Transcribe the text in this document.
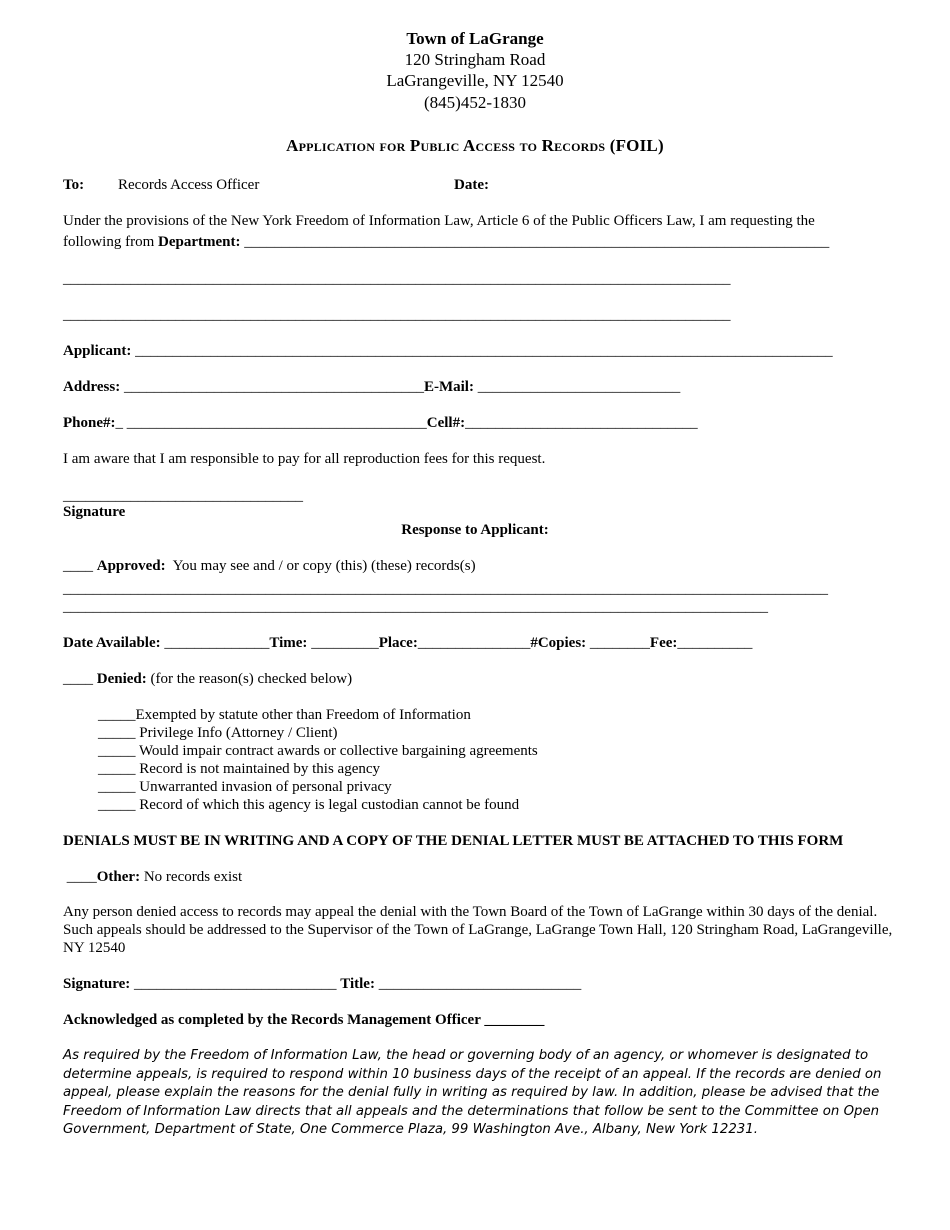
Town of LaGrange
120 Stringham Road
LaGrangeville, NY 12540
(845)452-1830
Application for Public Access to Records (FOIL)
To: Records Access Officer	Date:
Under the provisions of the New York Freedom of Information Law, Article 6 of the Public Officers Law, I am requesting the
following from Department: ______________________________________________________________________________
_________________________________________________________________________________________
_________________________________________________________________________________________
Applicant: _____________________________________________________________________________________________
Address: ________________________________________E-Mail: ___________________________
Phone#:_ ________________________________________Cell#:_______________________________
I am aware that I am responsible to pay for all reproduction fees for this request.
________________________________
Signature
Response to Applicant:
____ Approved:  You may see and / or copy (this) (these) records(s)
______________________________________________________________________________________________________
______________________________________________________________________________________________
Date Available: ______________Time: _________Place:_______________#Copies: ________Fee:__________
____ Denied: (for the reason(s) checked below)
_____Exempted by statute other than Freedom of Information
_____ Privilege Info (Attorney / Client)
_____ Would impair contract awards or collective bargaining agreements
_____ Record is not maintained by this agency
_____ Unwarranted invasion of personal privacy
_____ Record of which this agency is legal custodian cannot be found
DENIALS MUST BE IN WRITING AND A COPY OF THE DENIAL LETTER MUST BE ATTACHED TO THIS FORM
____Other: No records exist
Any person denied access to records may appeal the denial with the Town Board of the Town of LaGrange within 30 days of the denial. Such appeals should be addressed to the Supervisor of the Town of LaGrange, LaGrange Town Hall, 120 Stringham Road, LaGrangeville, NY 12540
Signature: ___________________________ Title: ___________________________
Acknowledged as completed by the Records Management Officer ________
As required by the Freedom of Information Law, the head or governing body of an agency, or whomever is designated to determine appeals, is required to respond within 10 business days of the receipt of an appeal. If the records are denied on appeal, please explain the reasons for the denial fully in writing as required by law. In addition, please be advised that the Freedom of Information Law directs that all appeals and the determinations that follow be sent to the Committee on Open Government, Department of State, One Commerce Plaza, 99 Washington Ave., Albany, New York 12231.
